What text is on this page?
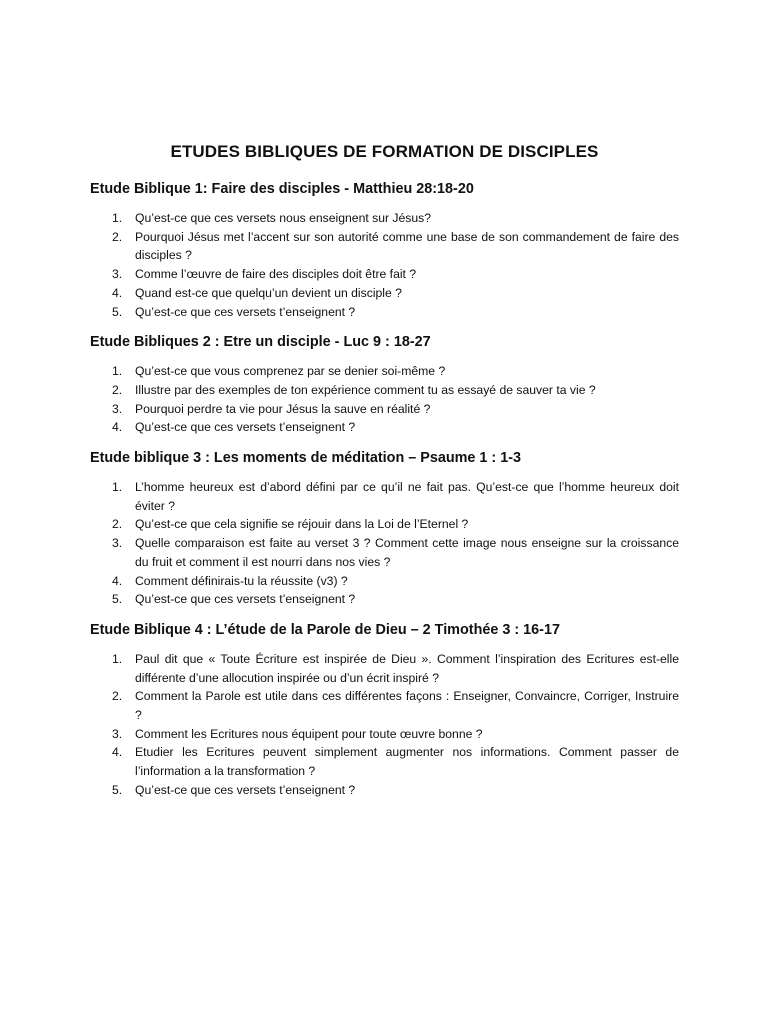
ETUDES BIBLIQUES DE FORMATION DE DISCIPLES
Etude Biblique 1: Faire des disciples - Matthieu 28:18-20
1. Qu’est-ce que ces versets nous enseignent sur Jésus?
2. Pourquoi Jésus met l’accent sur son autorité comme une base de son commandement de faire des disciples ?
3. Comme l’œuvre de faire des disciples doit être fait ?
4. Quand est-ce que quelqu’un devient un disciple ?
5. Qu’est-ce que ces versets t’enseignent ?
Etude Bibliques 2 : Etre un disciple - Luc 9 : 18-27
1. Qu’est-ce que vous comprenez par se denier soi-même ?
2. Illustre par des exemples de ton expérience comment tu as essayé de sauver ta vie ?
3. Pourquoi perdre ta vie pour Jésus la sauve en réalité ?
4. Qu’est-ce que ces versets t’enseignent ?
Etude biblique 3 : Les moments de méditation – Psaume 1 : 1-3
1. L’homme heureux est d’abord défini par ce qu’il ne fait pas. Qu’est-ce que l’homme heureux doit éviter ?
2. Qu’est-ce que cela signifie se réjouir dans la Loi de l’Eternel ?
3. Quelle comparaison est faite au verset 3 ? Comment cette image nous enseigne sur la croissance du fruit et comment il est nourri dans nos vies ?
4. Comment définirais-tu la réussite (v3) ?
5. Qu’est-ce que ces versets t’enseignent ?
Etude Biblique 4 : L’étude de la Parole de Dieu – 2 Timothée 3 : 16-17
1. Paul dit que « Toute Écriture est inspirée de Dieu ». Comment l’inspiration des Ecritures est-elle différente d’une allocution inspirée ou d’un écrit inspiré ?
2. Comment la Parole est utile dans ces différentes façons : Enseigner, Convaincre, Corriger, Instruire ?
3. Comment les Ecritures nous équipent pour toute œuvre bonne ?
4. Etudier les Ecritures peuvent simplement augmenter nos informations. Comment passer de l’information a la transformation ?
5. Qu’est-ce que ces versets t’enseignent ?
